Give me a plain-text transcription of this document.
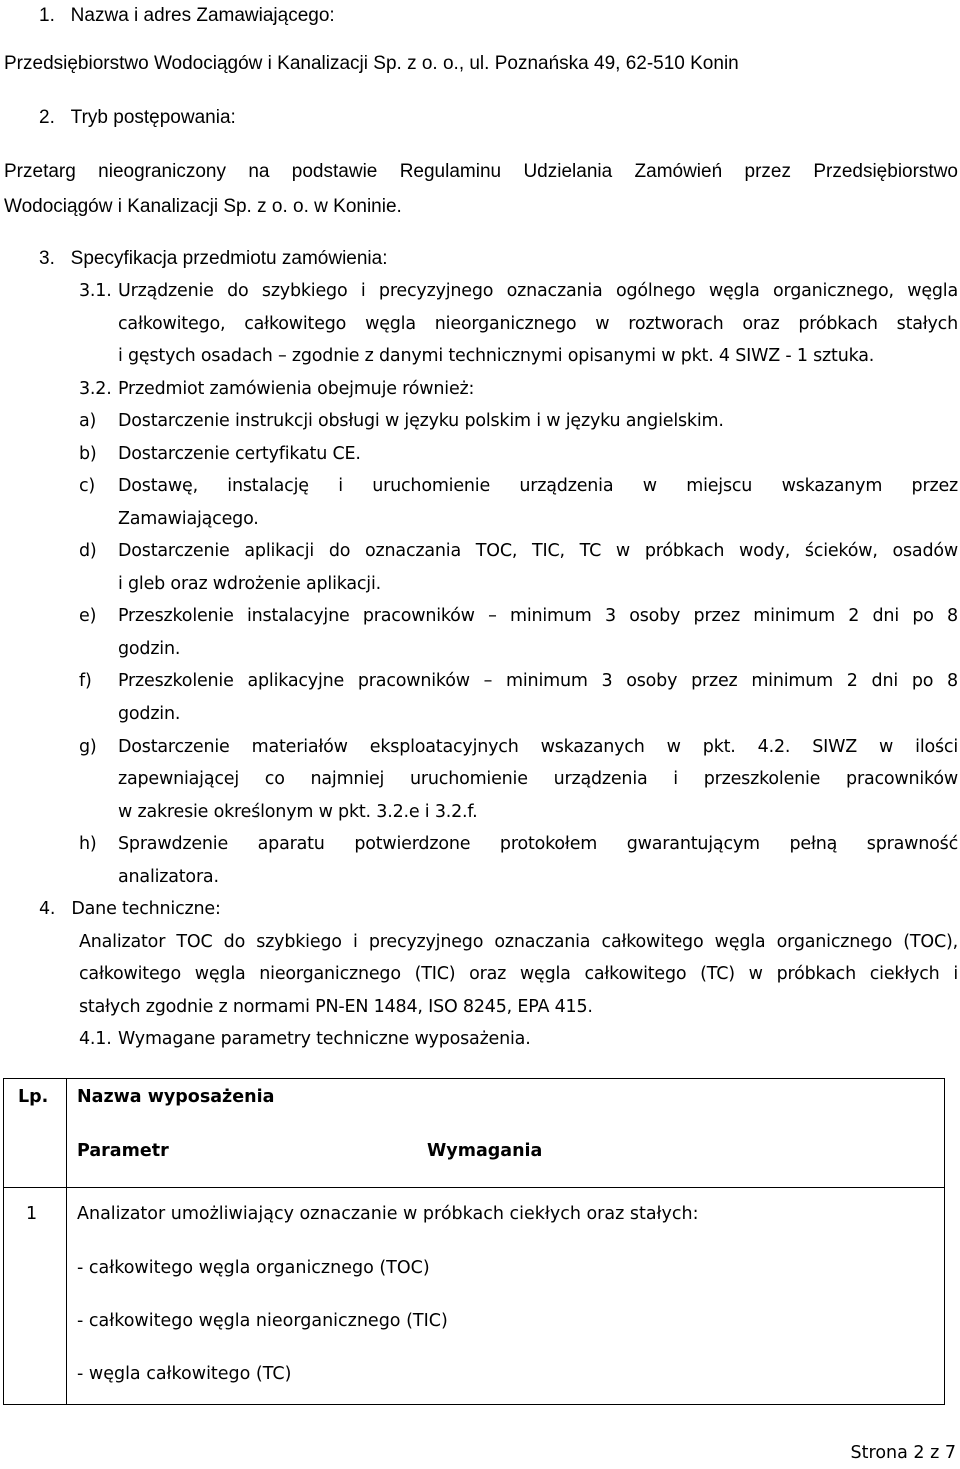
1.   Nazwa i adres Zamawiającego:
Przedsiębiorstwo Wodociągów i Kanalizacji Sp. z o. o., ul. Poznańska 49, 62-510 Konin
2.   Tryb postępowania:
Przetarg nieograniczony na podstawie Regulaminu Udzielania Zamówień przez Przedsiębiorstwo
Wodociągów i Kanalizacji Sp. z o. o. w Koninie.
3.   Specyfikacja przedmiotu zamówienia:
3.1. Urządzenie do szybkiego i precyzyjnego oznaczania ogólnego węgla organicznego, węgla
całkowitego, całkowitego węgla nieorganicznego w roztworach oraz próbkach stałych
i gęstych osadach – zgodnie z danymi technicznymi opisanymi w pkt. 4 SIWZ - 1 sztuka.
3.2. Przedmiot zamówienia obejmuje również:
a) Dostarczenie instrukcji obsługi w języku polskim i w języku angielskim.
b) Dostarczenie certyfikatu CE.
c) Dostawę, instalację i uruchomienie urządzenia w miejscu wskazanym przez
Zamawiającego.
d) Dostarczenie aplikacji do oznaczania TOC, TIC, TC w próbkach wody, ścieków, osadów
i gleb oraz wdrożenie aplikacji.
e) Przeszkolenie instalacyjne pracowników – minimum 3 osoby przez minimum 2 dni po 8
godzin.
f) Przeszkolenie aplikacyjne pracowników – minimum 3 osoby przez minimum 2 dni po 8
godzin.
g) Dostarczenie materiałów eksploatacyjnych wskazanych w pkt. 4.2. SIWZ w ilości
zapewniającej co najmniej uruchomienie urządzenia i przeszkolenie pracowników
w zakresie określonym w pkt. 3.2.e i 3.2.f.
h) Sprawdzenie aparatu potwierdzone protokołem gwarantującym pełną sprawność
analizatora.
4.   Dane techniczne:
Analizator TOC do szybkiego i precyzyjnego oznaczania całkowitego węgla organicznego (TOC),
całkowitego węgla nieorganicznego (TIC) oraz węgla całkowitego (TC) w próbkach ciekłych i
stałych zgodnie z normami PN-EN 1484, ISO 8245, EPA 415.
4.1. Wymagane parametry techniczne wyposażenia.
Lp.	Nazwa wyposażenia	

	Parametr	Wymagania

1	Analizator umożliwiający oznaczanie w próbkach ciekłych oraz stałych:
- całkowitego węgla organicznego (TOC)
- całkowitego węgla nieorganicznego (TIC)
- węgla całkowitego (TC)	
Strona 2 z 7
